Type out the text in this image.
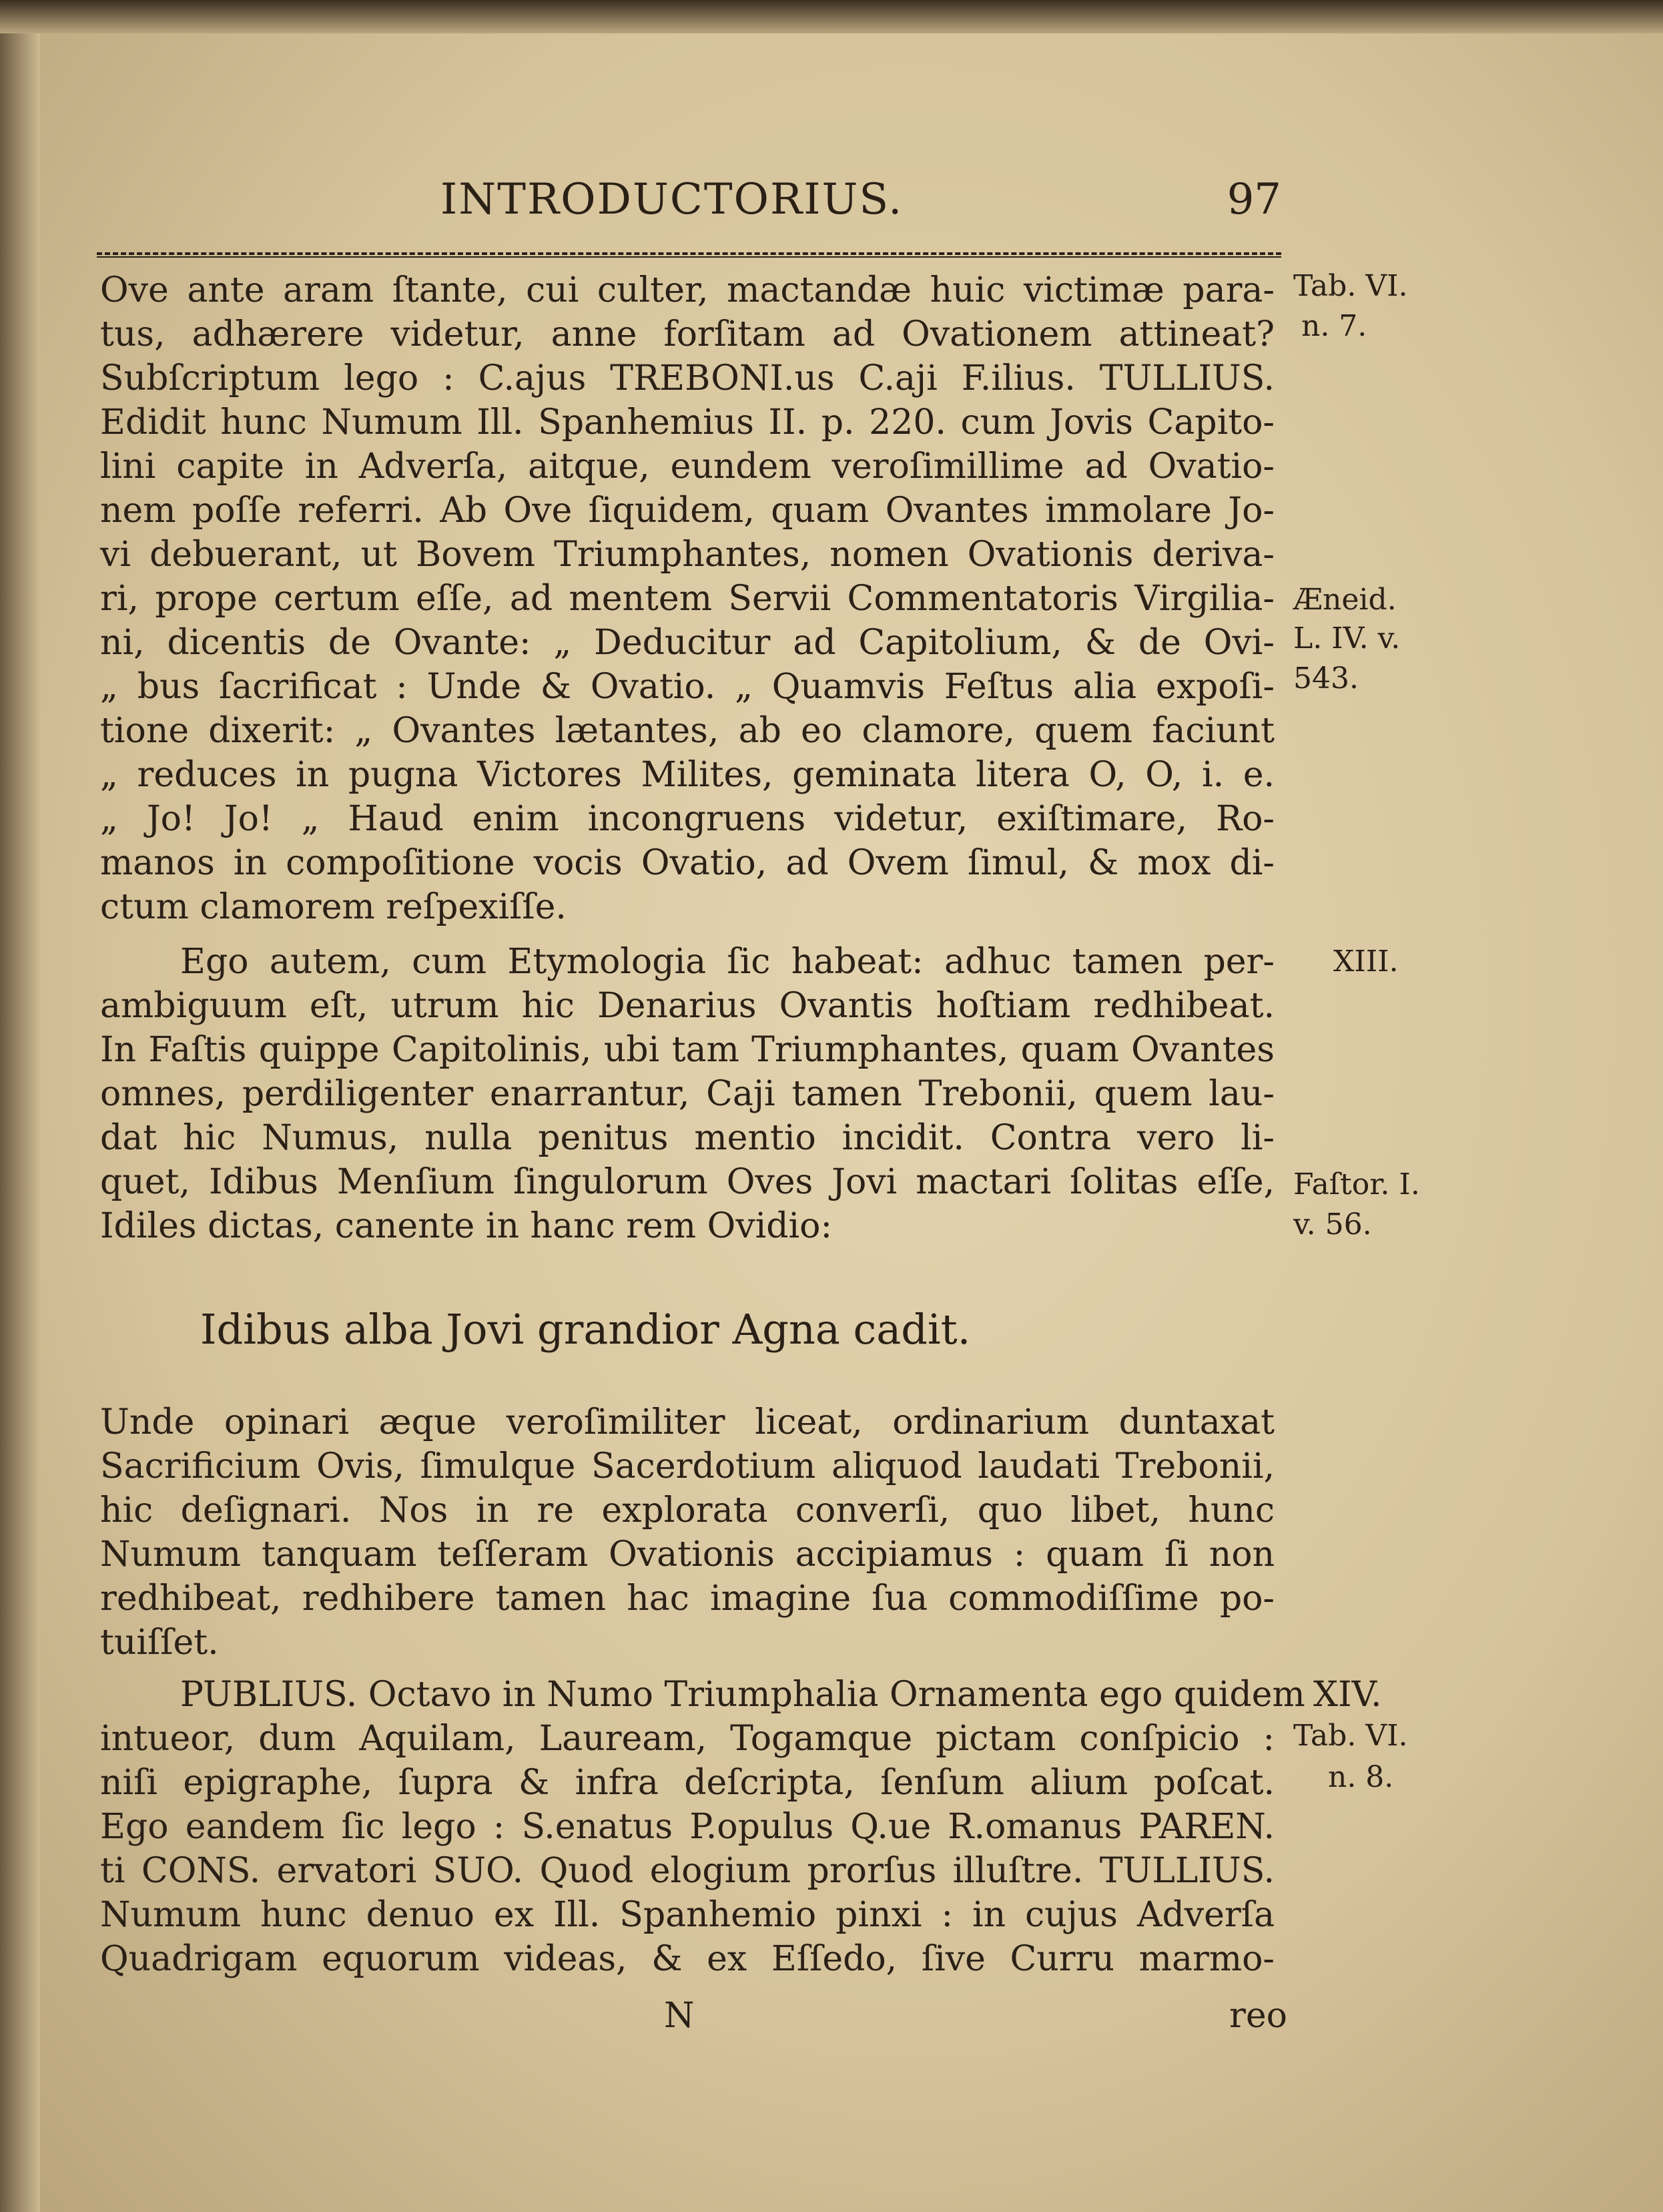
INTRODUCTORIUS.	97
Ove ante aram ſtante, cui culter, mactandæ huic victimæ para-
tus, adhærere videtur, anne forſitam ad Ovationem attineat?
Subſcriptum lego : C.ajus TREBONI.us C.aji F.ilius. TULLIUS.
Edidit hunc Numum Ill. Spanhemius II. p. 220. cum Jovis Capito-
lini capite in Adverſa, aitque, eundem veroſimillime ad Ovatio-
nem poſſe referri. Ab Ove ſiquidem, quam Ovantes immolare Jo-
vi debuerant, ut Bovem Triumphantes, nomen Ovationis deriva-
ri, prope certum eſſe, ad mentem Servii Commentatoris Virgilia-
ni, dicentis de Ovante: „ Deducitur ad Capitolium, & de Ovi-
„ bus ſacrificat : Unde & Ovatio. „ Quamvis Feſtus alia expoſi-
tione dixerit: „ Ovantes lætantes, ab eo clamore, quem faciunt
„ reduces in pugna Victores Milites, geminata litera O, O, i. e.
„ Jo! Jo! „ Haud enim incongruens videtur, exiſtimare, Ro-
manos in compoſitione vocis Ovatio, ad Ovem ſimul, & mox di-
ctum clamorem reſpexiſſe.
Ego autem, cum Etymologia ſic habeat: adhuc tamen per-
ambiguum eſt, utrum hic Denarius Ovantis hoſtiam redhibeat.
In Faſtis quippe Capitolinis, ubi tam Triumphantes, quam Ovantes
omnes, perdiligenter enarrantur, Caji tamen Trebonii, quem lau-
dat hic Numus, nulla penitus mentio incidit. Contra vero li-
quet, Idibus Menſium ſingulorum Oves Jovi mactari ſolitas eſſe,
Idiles dictas, canente in hanc rem Ovidio:
Idibus alba Jovi grandior Agna cadit.
Unde opinari æque veroſimiliter liceat, ordinarium duntaxat
Sacrificium Ovis, ſimulque Sacerdotium aliquod laudati Trebonii,
hic deſignari. Nos in re explorata converſi, quo libet, hunc
Numum tanquam teſſeram Ovationis accipiamus : quam ſi non
redhibeat, redhibere tamen hac imagine ſua commodiſſime po-
tuiſſet.
PUBLIUS. Octavo in Numo Triumphalia Ornamenta ego quidem
intueor, dum Aquilam, Lauream, Togamque pictam conſpicio :
niſi epigraphe, ſupra & infra deſcripta, ſenſum alium poſcat.
Ego eandem ſic lego : S.enatus P.opulus Q.ue R.omanus PAREN.
ti CONS. ervatori SUO. Quod elogium prorſus illuſtre. TULLIUS.
Numum hunc denuo ex Ill. Spanhemio pinxi : in cujus Adverſa
Quadrigam equorum videas, & ex Eſſedo, ſive Curru marmo-
Tab. VI.
n. 7.
Æneid.
L. IV. v.
543.
XIII.
Faſtor. I.
v. 56.
XIV.
Tab. VI.
n. 8.
N	reo
